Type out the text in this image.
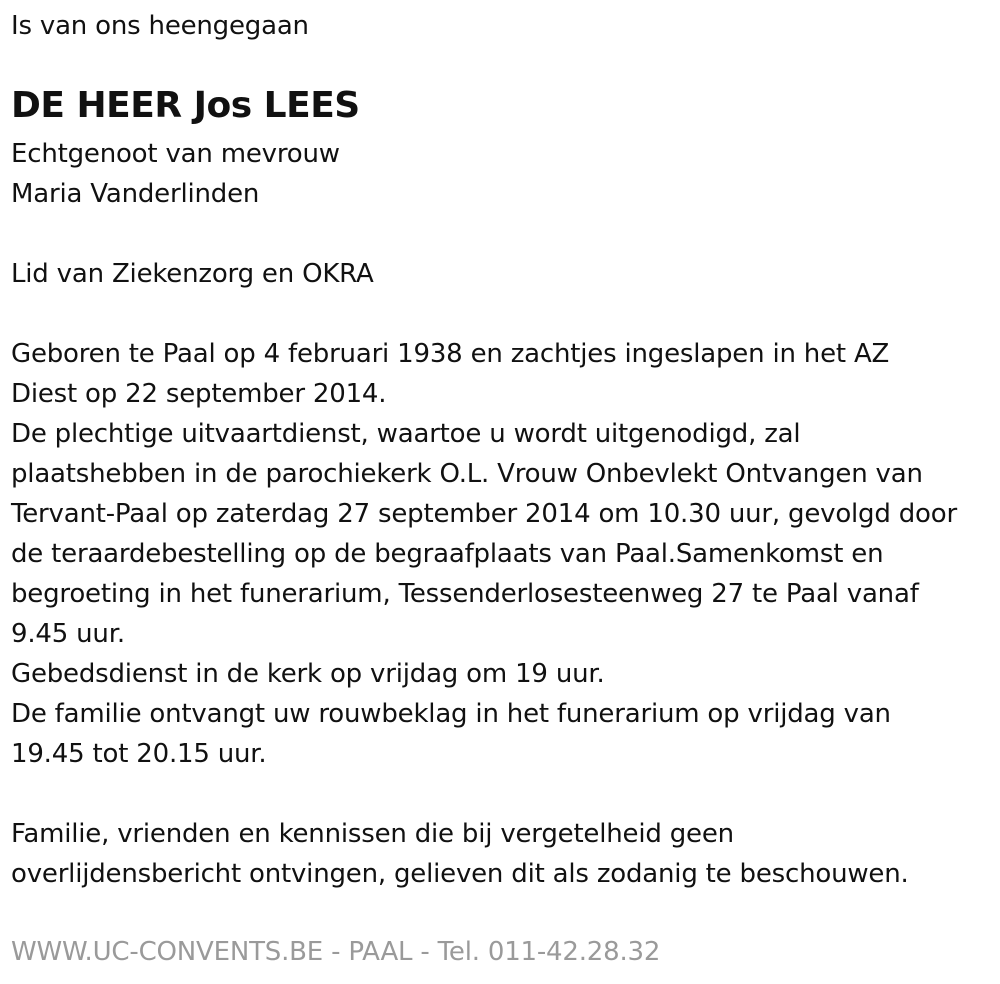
Is van ons heengegaan
DE HEER Jos LEES
Echtgenoot van mevrouw
Maria Vanderlinden
Lid van Ziekenzorg en OKRA
Geboren te Paal op 4 februari 1938 en zachtjes ingeslapen in het AZ
Diest op 22 september 2014.
De plechtige uitvaartdienst, waartoe u wordt uitgenodigd, zal
plaatshebben in de parochiekerk O.L. Vrouw Onbevlekt Ontvangen van
Tervant-Paal op zaterdag 27 september 2014 om 10.30 uur, gevolgd door
de teraardebestelling op de begraafplaats van Paal.Samenkomst en
begroeting in het funerarium, Tessenderlosesteenweg 27 te Paal vanaf
9.45 uur.
Gebedsdienst in de kerk op vrijdag om 19 uur.
De familie ontvangt uw rouwbeklag in het funerarium op vrijdag van
19.45 tot 20.15 uur.
Familie, vrienden en kennissen die bij vergetelheid geen
overlijdensbericht ontvingen, gelieven dit als zodanig te beschouwen.
WWW.UC-CONVENTS.BE - PAAL - Tel. 011-42.28.32
